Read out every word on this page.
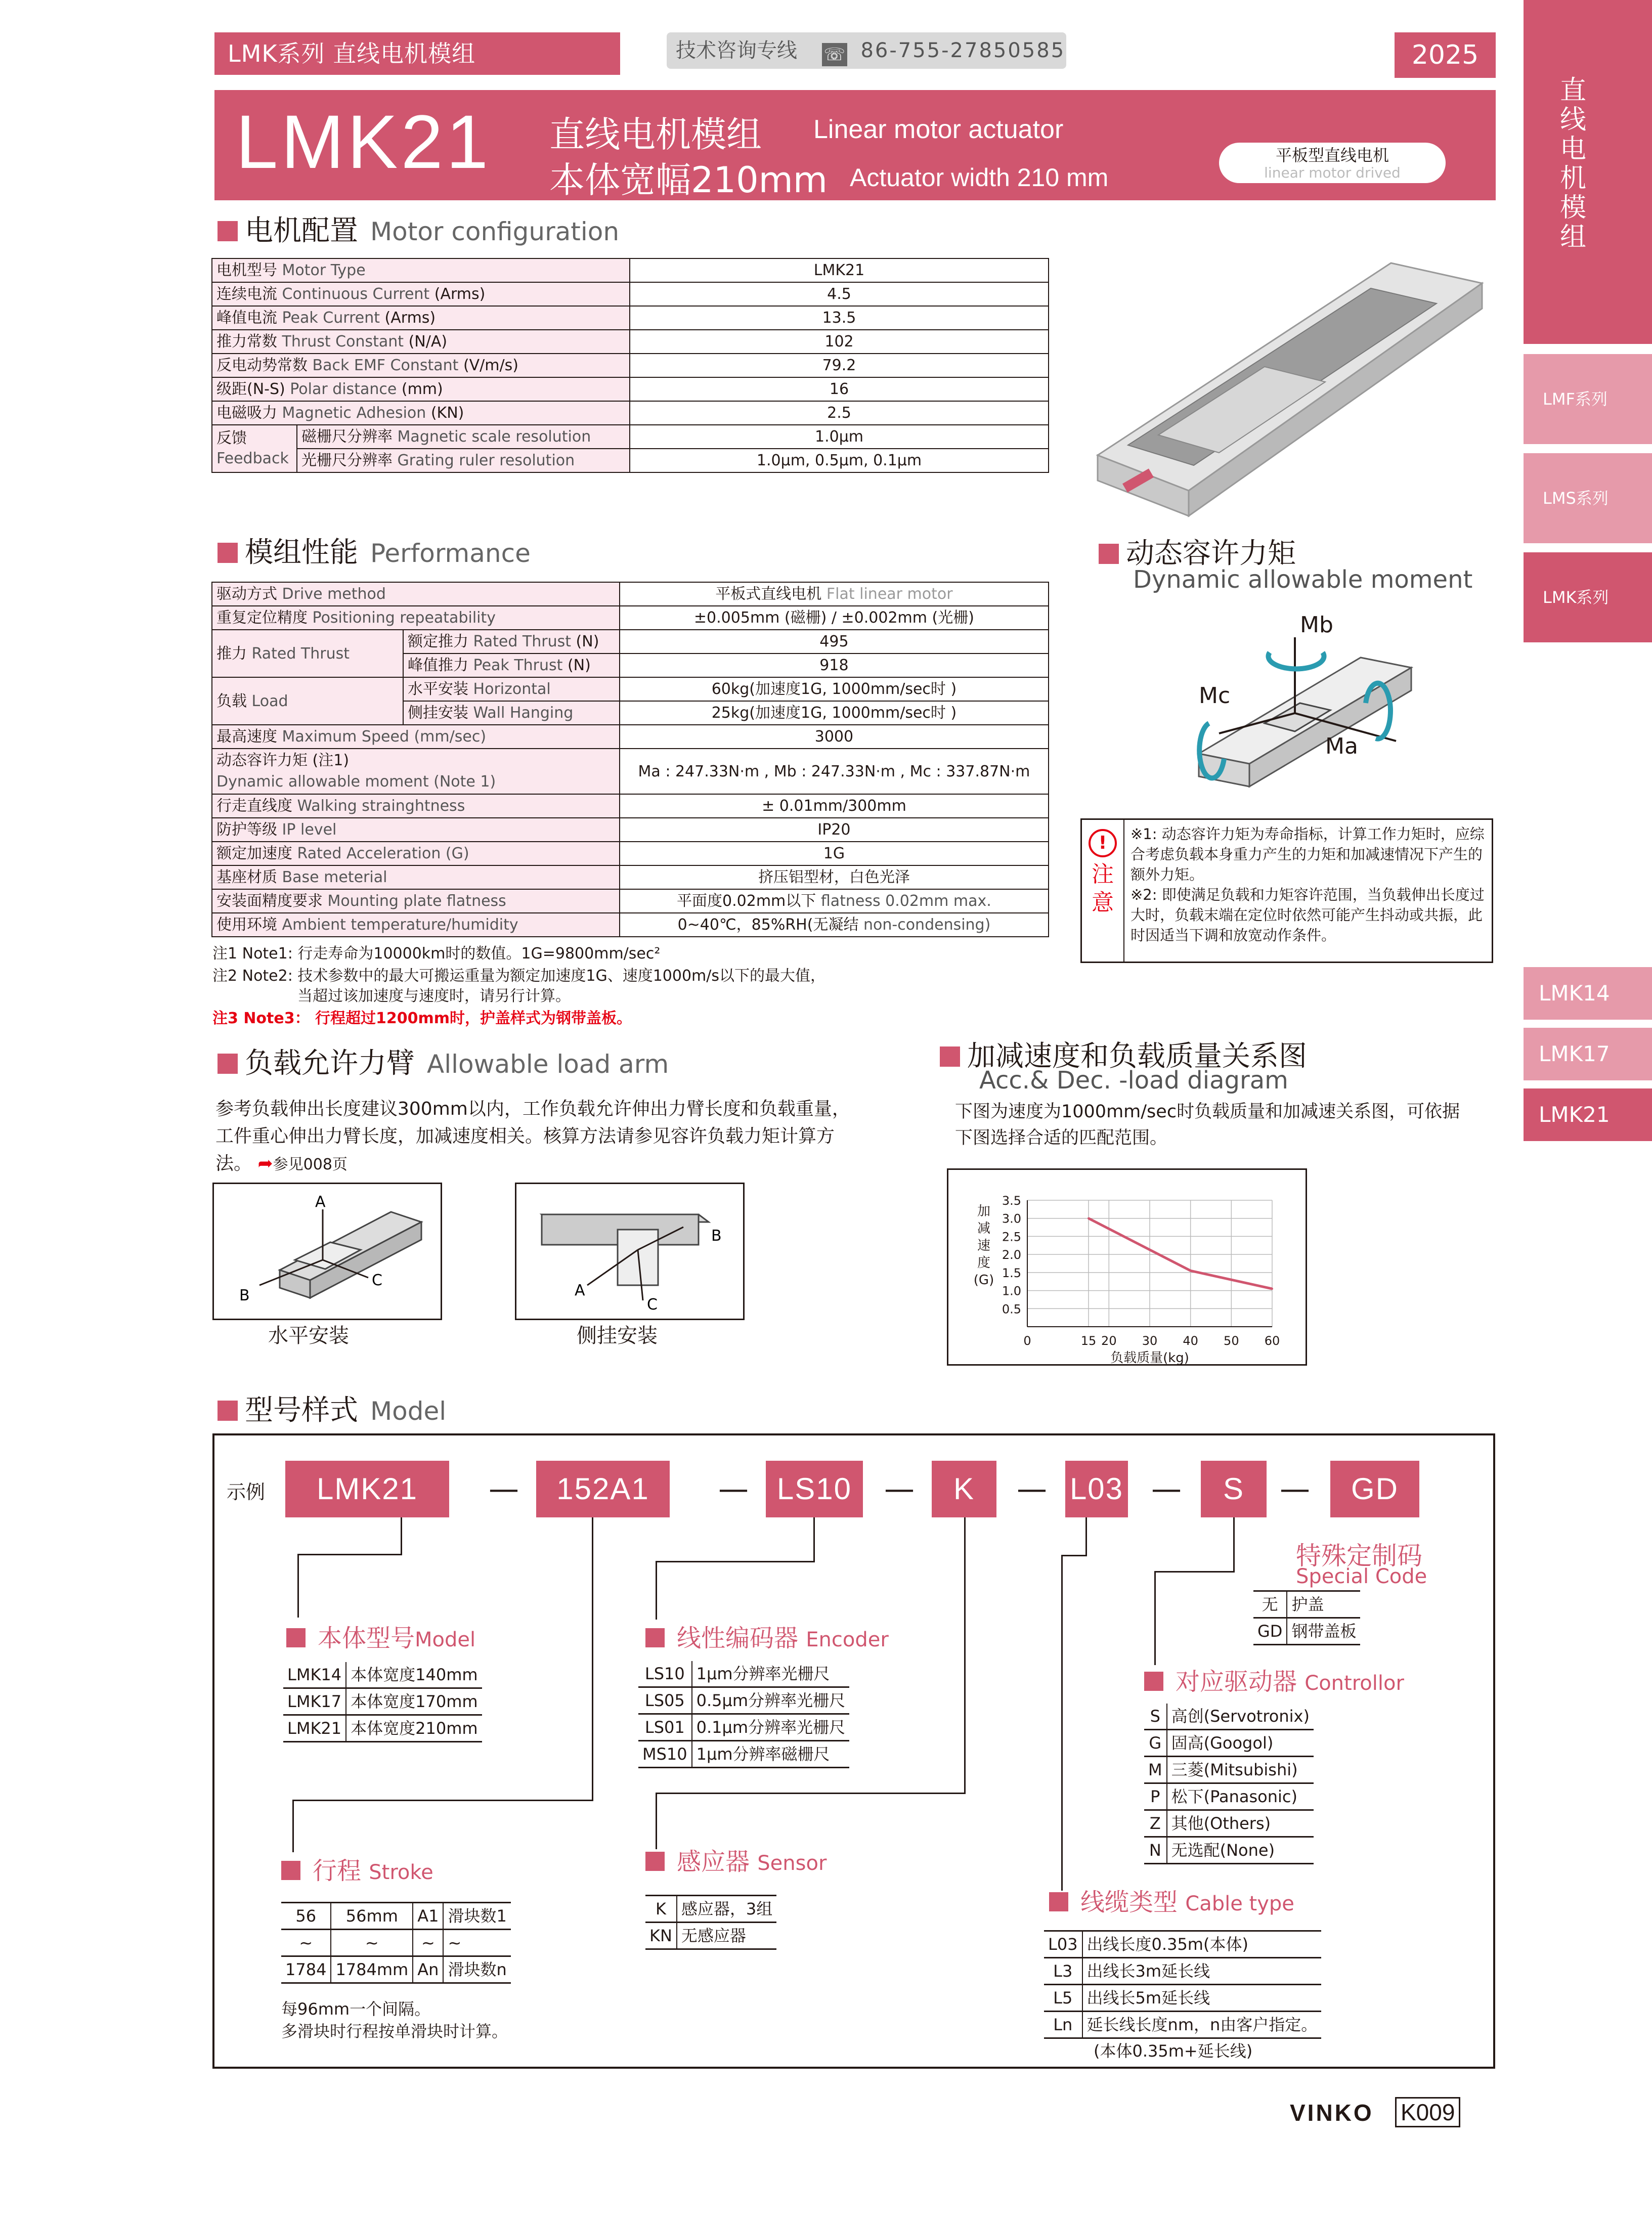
LMK系列 直线电机模组	技术咨询专线 ☏ 86-755-27850585	2025
LMK21 直线电机模组 Linear motor actuator
本体宽幅210mm Actuator width 210 mm
平板型直线电机
linear motor drived
直线电机模组
LMF系列
LMS系列
LMK系列
LMK14
LMK17
LMK21
电机配置 Motor configuration
电机型号 Motor Type		LMK21
连续电流 Continuous Current (Arms)		4.5
峰值电流 Peak Current (Arms)		13.5
推力常数 Thrust Constant (N/A)		102
反电动势常数 Back EMF Constant (V/m/s)		79.2
级距(N-S) Polar distance (mm)		16
电磁吸力 Magnetic Adhesion (KN)		2.5
反馈
Feedback	磁栅尺分辨率 Magnetic scale resolution	1.0μm
	光栅尺分辨率 Grating ruler resolution	1.0μm, 0.5μm, 0.1μm
模组性能 Performance
驱动方式 Drive method		平板式直线电机 Flat linear motor
重复定位精度 Positioning repeatability		±0.005mm (磁栅) / ±0.002mm (光栅)
推力 Rated Thrust	额定推力 Rated Thrust (N)	495
	峰值推力 Peak Thrust (N)	918
负载 Load	水平安装 Horizontal	60kg(加速度1G, 1000mm/sec时 )
	侧挂安装 Wall Hanging	25kg(加速度1G, 1000mm/sec时 )
最高速度 Maximum Speed (mm/sec)		3000
动态容许力矩 (注1)
Dynamic allowable moment (Note 1)		Ma : 247.33N·m , Mb : 247.33N·m , Mc : 337.87N·m
行走直线度 Walking strainghtness		± 0.01mm/300mm
防护等级 IP level		IP20
额定加速度 Rated Acceleration (G)		1G
基座材质 Base meterial		挤压铝型材，白色光泽
安装面精度要求 Mounting plate flatness		平面度0.02mm以下 flatness 0.02mm max.
使用环境 Ambient temperature/humidity		0~40℃，85%RH(无凝结 non-condensing)
注1 Note1: 行走寿命为10000km时的数值。1G=9800mm/sec²
注2 Note2: 技术参数中的最大可搬运重量为额定加速度1G、速度1000m/s以下的最大值，
当超过该加速度与速度时，请另行计算。
注3 Note3： 行程超过1200mm时，护盖样式为钢带盖板。
动态容许力矩
Dynamic allowable moment
Mb
Mc
Ma
!
注意
※1: 动态容许力矩为寿命指标，计算工作力矩时，应综合考虑负载本身重力产生的力矩和加减速情况下产生的额外力矩。
※2: 即使满足负载和力矩容许范围，当负载伸出长度过大时，负载末端在定位时依然可能产生抖动或共振，此时因适当下调和放宽动作条件。
负载允许力臂 Allowable load arm
参考负载伸出长度建议300mm以内，工作负载允许伸出力臂长度和负载重量，
工件重心伸出力臂长度，加减速度相关。核算方法请参见容许负载力矩计算方
法。 ➦参见008页
A
B
C
水平安装
A
B
C
侧挂安装
加减速度和负载质量关系图
Acc.& Dec. -load diagram
下图为速度为1000mm/sec时负载质量和加减速关系图，可依据
下图选择合适的匹配范围。
0.5
1.0
1.5
2.0
2.5
3.0
3.5
0	15 20 30 40 50 60
负载质量(kg)
加
减
速
度
(G)
型号样式 Model
示例	LMK21	—	152A1	— LS10	—	K	— L03 —	S	—	GD
本体型号Model
LMK14	本体宽度140mm
LMK17	本体宽度170mm
LMK21	本体宽度210mm
行程 Stroke
56	56mm	A1	滑块数1
~	~	~	~
1784	1784mm	An	滑块数n
每96mm一个间隔。
多滑块时行程按单滑块时计算。
线性编码器 Encoder
LS10	1μm分辨率光栅尺
LS05	0.5μm分辨率光栅尺
LS01	0.1μm分辨率光栅尺
MS10	1μm分辨率磁栅尺
感应器 Sensor
K	感应器，3组
KN	无感应器
特殊定制码
Special Code
无	护盖
GD	钢带盖板
对应驱动器 Controllor
S	高创(Servotronix)
G	固高(Googol)
M	三菱(Mitsubishi)
P	松下(Panasonic)
Z	其他(Others)
N	无选配(None)
线缆类型 Cable type
L03	出线长度0.35m(本体)
L3	出线长3m延长线
L5	出线长5m延长线
Ln	延长线长度nm，n由客户指定。
(本体0.35m+延长线)
VINKO K009
